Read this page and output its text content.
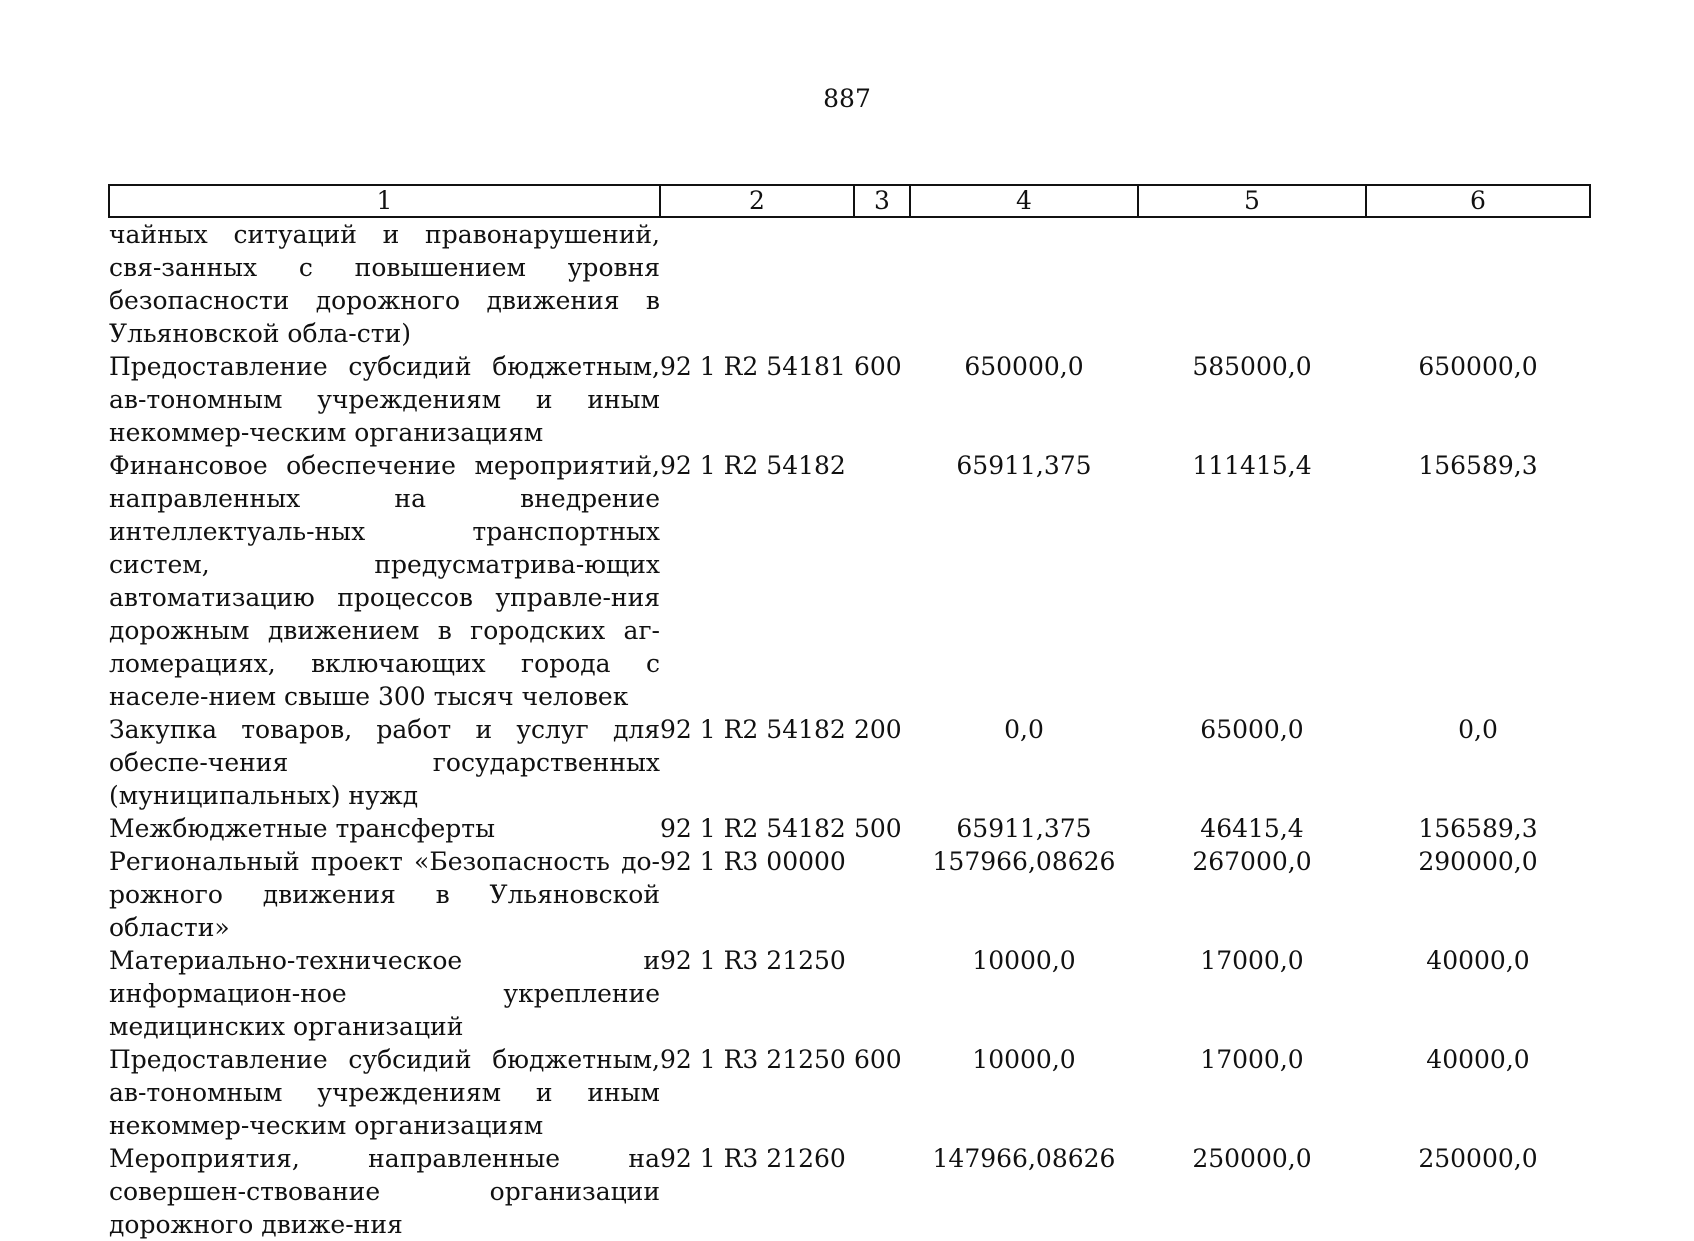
887
1	2	3	4	5	6
чайных ситуаций и правонарушений, свя-занных с повышением уровня безопасности дорожного движения в Ульяновской обла-сти)					
Предоставление субсидий бюджетным, ав-тономным учреждениям и иным некоммер-ческим организациям	92 1 R2 54181	600	650000,0	585000,0	650000,0
Финансовое обеспечение мероприятий, направленных на внедрение интеллектуаль-ных транспортных систем, предусматрива-ющих автоматизацию процессов управле-ния дорожным движением в городских аг-ломерациях, включающих города с населе-нием свыше 300 тысяч человек	92 1 R2 54182		65911,375	111415,4	156589,3
Закупка товаров, работ и услуг для обеспе-чения государственных (муниципальных) нужд	92 1 R2 54182	200	0,0	65000,0	0,0
Межбюджетные трансферты	92 1 R2 54182	500	65911,375	46415,4	156589,3
Региональный проект «Безопасность до-рожного движения в Ульяновской области»	92 1 R3 00000		157966,08626	267000,0	290000,0
Материально-техническое и информацион-ное укрепление медицинских организаций	92 1 R3 21250		10000,0	17000,0	40000,0
Предоставление субсидий бюджетным, ав-тономным учреждениям и иным некоммер-ческим организациям	92 1 R3 21250	600	10000,0	17000,0	40000,0
Мероприятия, направленные на совершен-ствование организации дорожного движе-ния	92 1 R3 21260		147966,08626	250000,0	250000,0
